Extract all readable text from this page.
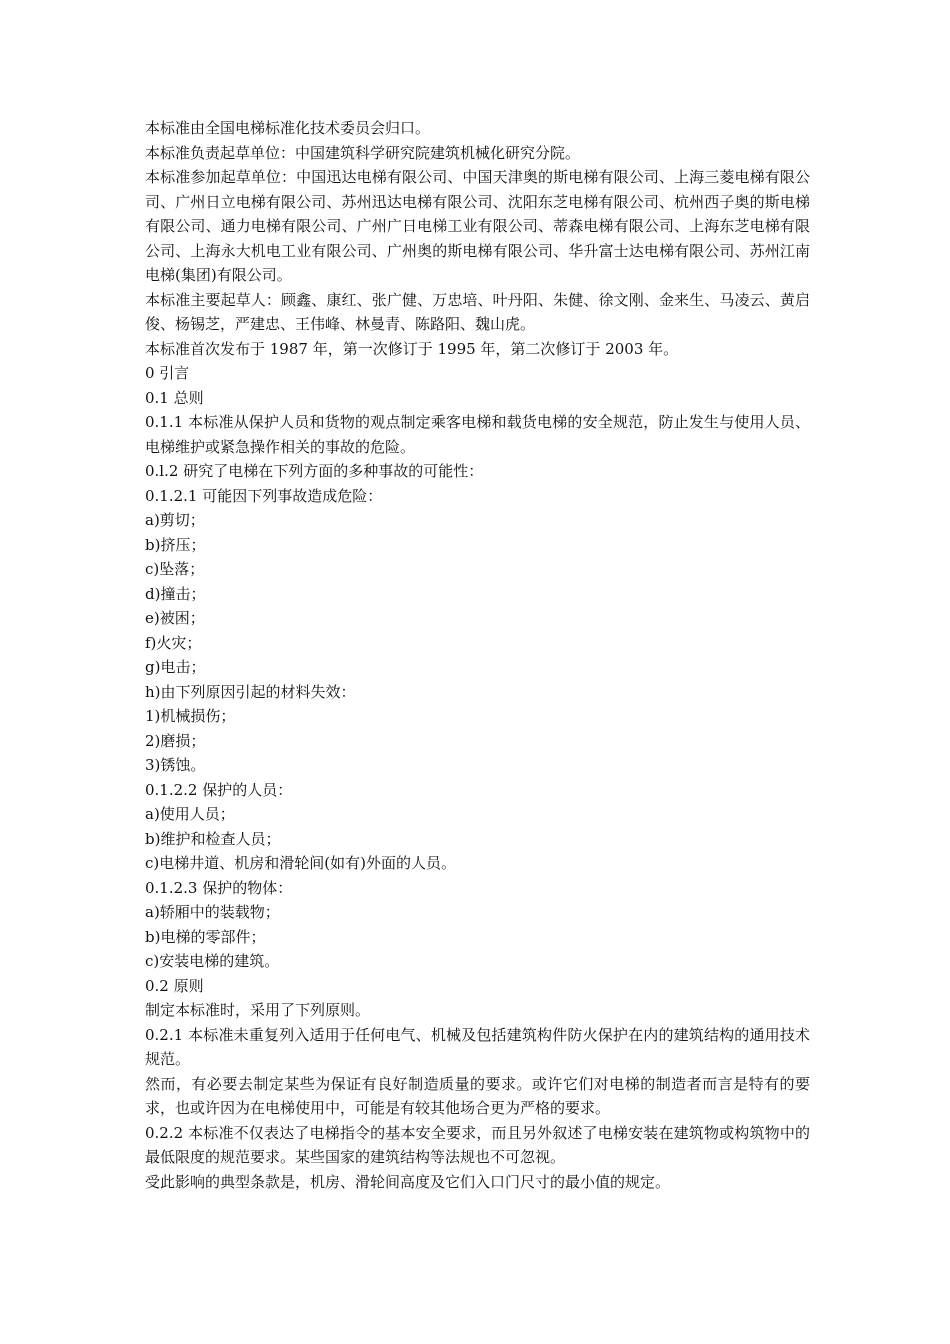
本标准由全国电梯标准化技术委员会归口。

本标准负责起草单位：中国建筑科学研究院建筑机械化研究分院。

本标准参加起草单位：中国迅达电梯有限公司、中国天津奥的斯电梯有限公司、上海三菱电梯有限公司、广州日立电梯有限公司、苏州迅达电梯有限公司、沈阳东芝电梯有限公司、杭州西子奥的斯电梯有限公司、通力电梯有限公司、广州广日电梯工业有限公司、蒂森电梯有限公司、上海东芝电梯有限公司、上海永大机电工业有限公司、广州奥的斯电梯有限公司、华升富士达电梯有限公司、苏州江南电梯(集团)有限公司。

本标准主要起草人：顾鑫、康红、张广健、万忠培、叶丹阳、朱健、徐文刚、金来生、马凌云、黄启俊、杨锡芝，严建忠、王伟峰、林曼青、陈路阳、魏山虎。

本标准首次发布于 1987 年，第一次修订于 1995 年，第二次修订于 2003 年。

0 引言

0.1 总则

0.1.1 本标准从保护人员和货物的观点制定乘客电梯和载货电梯的安全规范，防止发生与使用人员、电梯维护或紧急操作相关的事故的危险。

0.l.2 研究了电梯在下列方面的多种事故的可能性：

0.1.2.1 可能因下列事故造成危险：

a)剪切；

b)挤压；

c)坠落；

d)撞击；

e)被困；

f)火灾；

g)电击；

h)由下列原因引起的材料失效：

1)机械损伤；

2)磨损；

3)锈蚀。

0.1.2.2 保护的人员：

a)使用人员；

b)维护和检查人员；

c)电梯井道、机房和滑轮间(如有)外面的人员。

0.1.2.3 保护的物体：

a)轿厢中的装载物；

b)电梯的零部件；

c)安装电梯的建筑。

0.2 原则

制定本标准时，采用了下列原则。

0.2.1 本标准未重复列入适用于任何电气、机械及包括建筑构件防火保护在内的建筑结构的通用技术规范。

然而，有必要去制定某些为保证有良好制造质量的要求。或许它们对电梯的制造者而言是特有的要求，也或许因为在电梯使用中，可能是有较其他场合更为严格的要求。

0.2.2 本标准不仅表达了电梯指令的基本安全要求，而且另外叙述了电梯安装在建筑物或构筑物中的最低限度的规范要求。某些国家的建筑结构等法规也不可忽视。

受此影响的典型条款是，机房、滑轮间高度及它们入口门尺寸的最小值的规定。
